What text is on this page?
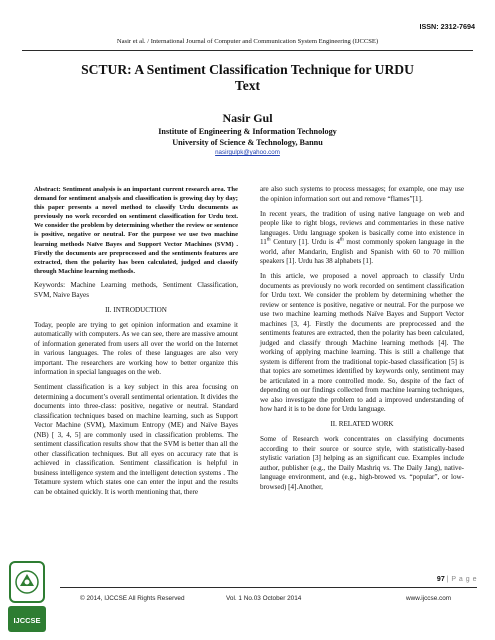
ISSN: 2312-7694
Nasir et al. / International Journal of Computer and Communication System Engineering (IJCCSE)
SCTUR: A Sentiment Classification Technique for URDU
Text
Nasir Gul
Institute of Engineering & Information Technology
University of Science & Technology, Bannu
nasirgulpk@yahoo.com

Abstract: Sentiment analysis is an important current research area. The demand for sentiment analysis and classification is growing day by day; this paper presents a novel method to classify Urdu documents as previously no work recorded on sentiment classification for Urdu text. We consider the problem by determining whether the review or sentence is positive, negative or neutral. For the purpose we use two machine learning methods Naïve Bayes and Support Vector Machines (SVM) . Firstly the documents are preprocessed and the sentiments features are extracted, then the polarity has been calculated, judged and classify through Machine learning methods.

Keywords: Machine Learning methods, Sentiment Classification, SVM, Naive Bayes

II. INTRODUCTION

Today, people are trying to get opinion information and examine it automatically with computers. As we can see, there are massive amount of information generated from users all over the world on the Internet in various languages. The roles of these languages are also very important. The researchers are working how to better organize this information in special languages on the web.

Sentiment classification is a key subject in this area focusing on determining a document’s overall sentimental orientation. It divides the documents into three-class: positive, negative or neutral. Standard classification techniques based on machine learning, such as Support Vector Machine (SVM), Maximum Entropy (ME) and Naïve Bayes (NB) [ 3, 4, 5] are commonly used in classification problems. The sentiment classification results show that the SVM is better than all the other classification techniques. But all eyes on accuracy rate that is achieved in classification. Sentiment classification is helpful in business intelligence system and the intelligent detection systems . The Tetamure system which states one can enter the input and the results can be obtained quickly. It is worth mentioning that, there

are also such systems to process messages; for example, one may use the opinion information sort out and remove “flames”[1].

In recent years, the tradition of using native language on web and people like to right blogs, reviews and commentaries in these native languages. Urdu language spoken is basically come into existence in 11th Century [1]. Urdu is 4th most commonly spoken language in the world, after Mandarin, English and Spanish with 60 to 70 million speakers [1]. Urdu has 38 alphabets [1].

In this article, we proposed a novel approach to classify Urdu documents as previously no work recorded on sentiment classification for Urdu text. We consider the problem by determining whether the review or sentence is positive, negative or neutral. For the purpose we use two machine learning methods Naïve Bayes and Support Vector machines [3, 4]. Firstly the documents are preprocessed and the sentiments features are extracted, then the polarity has been calculated, judged and classify through Machine learning methods [4]. The working of applying machine learning. This is still a challenge that system is different from the traditional topic-based classification [5] is that topics are sometimes identified by keywords only, sentiment may be articulated in a more controlled mode. So, despite of the fact of depending on our findings collected from machine learning techniques, we also investigate the problem to add a improved understanding of how hard it is to be done for Urdu language.

II. RELATED WORK

Some of Research work concentrates on classifying documents according to their source or source style, with statistically-based stylistic variation [3] helping as an significant cue. Examples include author, publisher (e.g., the Daily Mashriq vs. The Daily Jang), native-language environment, and (e.g., high-browed vs. “popular”, or low-browsed) [4].Another,

97 | P a g e
IJCCSE
© 2014, IJCCSE All Rights Reserved	Vol. 1 No.03 October 2014	www.ijccse.com
